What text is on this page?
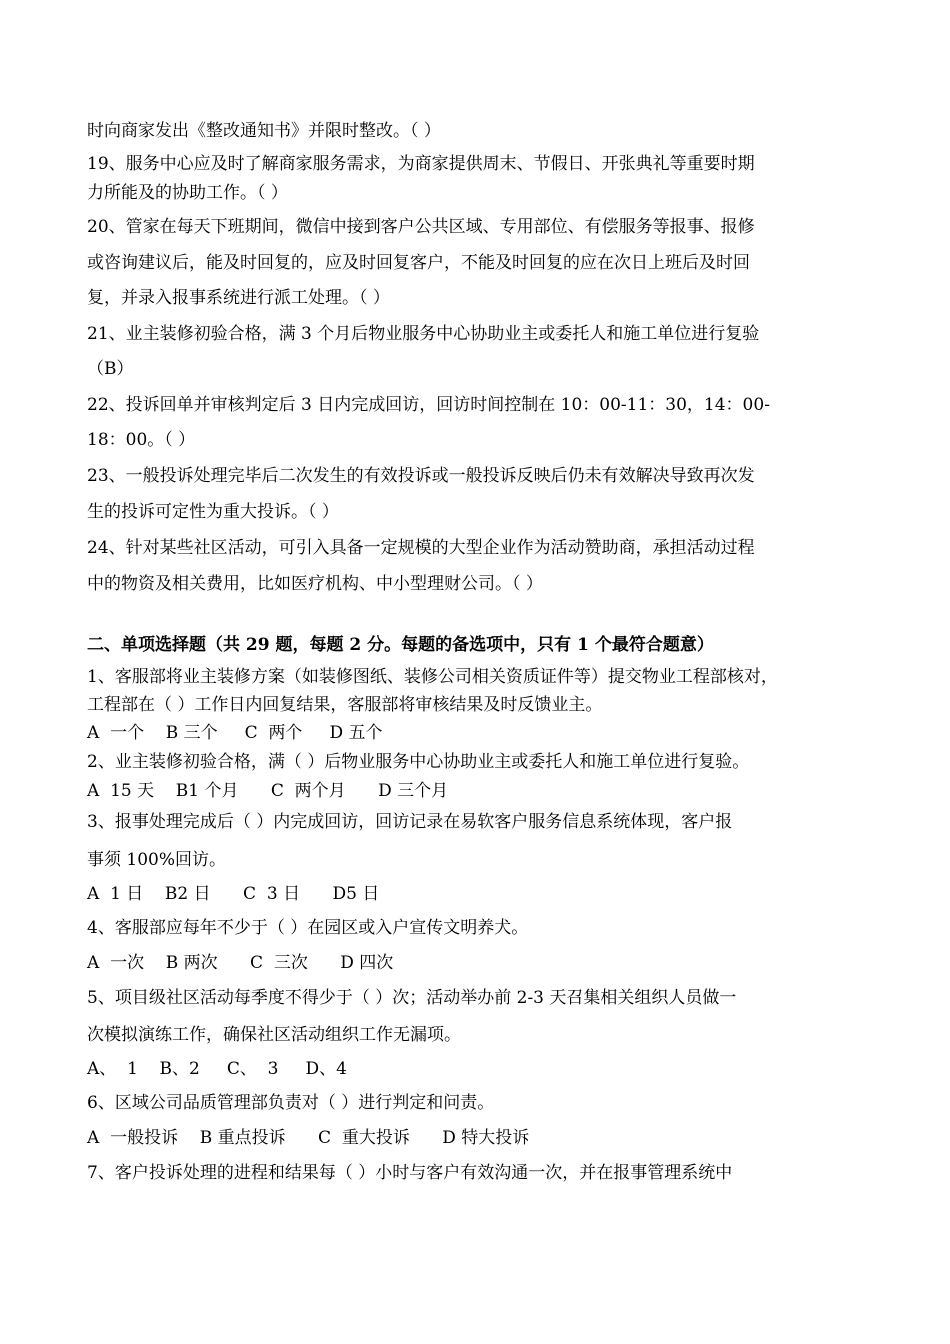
时向商家发出《整改通知书》并限时整改。（ ）
19、服务中心应及时了解商家服务需求，为商家提供周末、节假日、开张典礼等重要时期
力所能及的协助工作。（ ）
20、管家在每天下班期间，微信中接到客户公共区域、专用部位、有偿服务等报事、报修
或咨询建议后，能及时回复的，应及时回复客户，不能及时回复的应在次日上班后及时回
复，并录入报事系统进行派工处理。（ ）
21、业主装修初验合格，满 3 个月后物业服务中心协助业主或委托人和施工单位进行复验
（B）
22、投诉回单并审核判定后 3 日内完成回访，回访时间控制在 10：00-11：30，14：00-
18：00。（ ）
23、一般投诉处理完毕后二次发生的有效投诉或一般投诉反映后仍未有效解决导致再次发
生的投诉可定性为重大投诉。（ ）
24、针对某些社区活动，可引入具备一定规模的大型企业作为活动赞助商，承担活动过程
中的物资及相关费用，比如医疗机构、中小型理财公司。（ ）
二、单项选择题（共 29 题，每题 2 分。每题的备选项中，只有 1 个最符合题意）
1、客服部将业主装修方案（如装修图纸、装修公司相关资质证件等）提交物业工程部核对，
工程部在（ ）工作日内回复结果，客服部将审核结果及时反馈业主。
A  一个    B 三个     C  两个     D 五个
2、业主装修初验合格，满（ ）后物业服务中心协助业主或委托人和施工单位进行复验。
A  15 天    B1 个月      C  两个月      D 三个月
3、报事处理完成后（ ）内完成回访，回访记录在易软客户服务信息系统体现，客户报
事须 100%回访。
A  1 日    B2 日      C  3 日      D5 日
4、客服部应每年不少于（ ）在园区或入户宣传文明养犬。
A  一次    B 两次      C  三次      D 四次
5、项目级社区活动每季度不得少于（ ）次；活动举办前 2-3 天召集相关组织人员做一
次模拟演练工作，确保社区活动组织工作无漏项。
A、  1    B、2     C、  3     D、4
6、区域公司品质管理部负责对（ ）进行判定和问责。
A  一般投诉    B 重点投诉      C  重大投诉      D 特大投诉
7、客户投诉处理的进程和结果每（ ）小时与客户有效沟通一次，并在报事管理系统中
